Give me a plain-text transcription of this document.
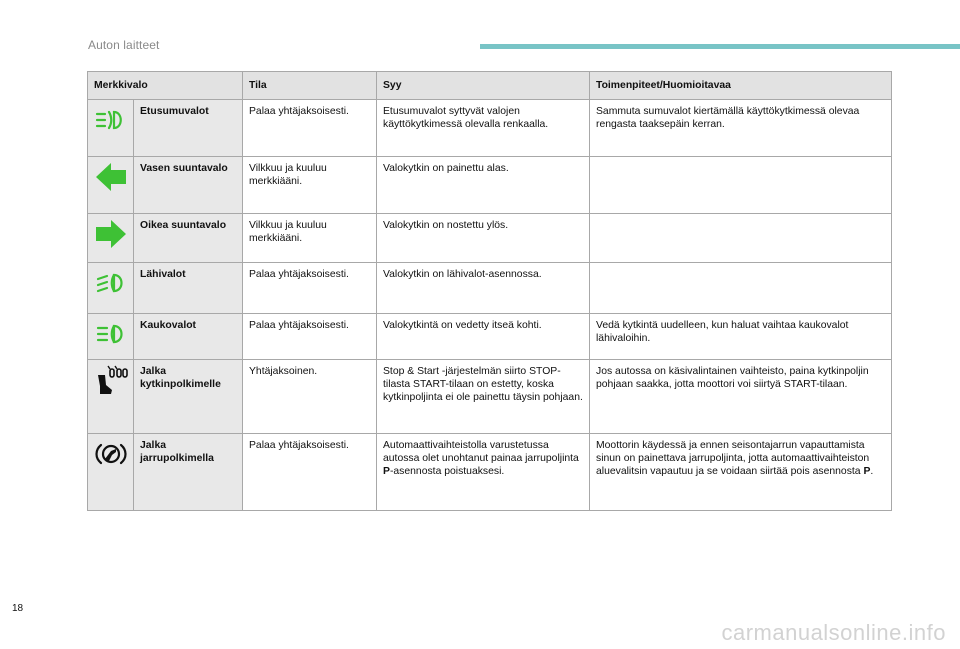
Auton laitteet
Merkkivalo		Tila	Syy	Toimenpiteet/Huomioitavaa
	Etusumuvalot	Palaa yhtäjaksoisesti.	Etusumuvalot syttyvät valojen käyttökytkimessä olevalla renkaalla.	Sammuta sumuvalot kiertämällä käyttökytkimessä olevaa rengasta taaksepäin kerran.
	Vasen suuntavalo	Vilkkuu ja kuuluu merkkiääni.	Valokytkin on painettu alas.	
	Oikea suuntavalo	Vilkkuu ja kuuluu merkkiääni.	Valokytkin on nostettu ylös.	
	Lähivalot	Palaa yhtäjaksoisesti.	Valokytkin on lähivalot-asennossa.	
	Kaukovalot	Palaa yhtäjaksoisesti.	Valokytkintä on vedetty itseä kohti.	Vedä kytkintä uudelleen, kun haluat vaihtaa kaukovalot lähivaloihin.
	Jalka kytkinpolkimelle	Yhtäjaksoinen.	Stop & Start -järjestelmän siirto STOP-tilasta START-tilaan on estetty, koska kytkinpoljinta ei ole painettu täysin pohjaan.	Jos autossa on käsivalintainen vaihteisto, paina kytkinpoljin pohjaan saakka, jotta moottori voi siirtyä START-tilaan.
	Jalka jarrupolkimella	Palaa yhtäjaksoisesti.	Automaattivaihteistolla varustetussa autossa olet unohtanut painaa jarrupoljinta P-asennosta poistuaksesi.	Moottorin käydessä ja ennen seisontajarrun vapauttamista sinun on painettava jarrupoljinta, jotta automaattivaihteiston aluevalitsin vapautuu ja se voidaan siirtää pois asennosta P.
18
carmanualsonline.info
